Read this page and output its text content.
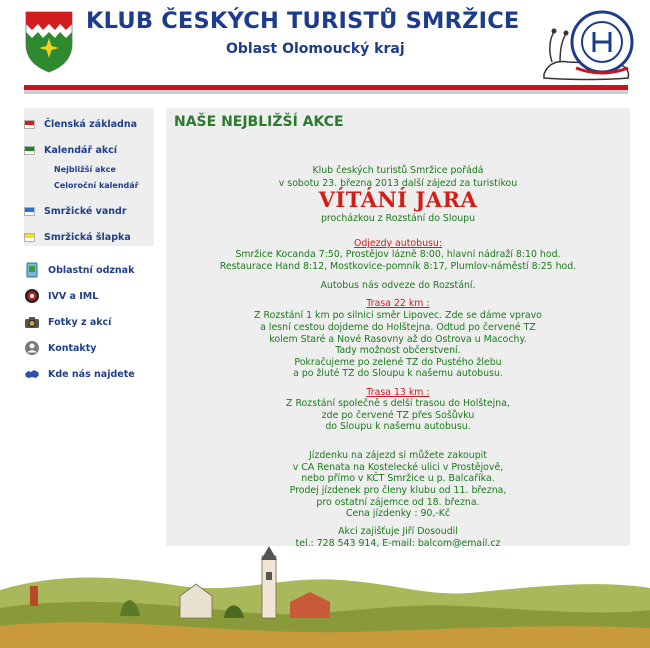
KLUB ČESKÝCH TURISTŮ SMRŽICE
Oblast Olomoucký kraj
Členská základna
Kalendář akcí
Nejbližší akce
Celoroční kalendář
Smržické vandr
Smržická šlapka
Oblastní odznak
IVV a IML
Fotky z akcí
Kontakty
Kde nás najdete
NAŠE NEJBLIŽŠÍ AKCE
Klub českých turistů Smržice pořádá
v sobotu 23. března 2013 další zájezd za turistikou
VÍTÁNÍ JARA
procházkou z Rozstání do Sloupu
Odjezdy autobusu:
Smržice Kocanda 7:50, Prostějov lázně 8:00, hlavní nádraží 8:10 hod.
Restaurace Hand 8:12, Mostkovice-pomník 8:17, Plumlov-náměstí 8:25 hod.
Autobus nás odveze do Rozstání.
Trasa 22 km :
Z Rozstání 1 km po silnici směr Lipovec. Zde se dáme vpravo
a lesní cestou dojdeme do Holštejna. Odtud po červené TZ
kolem Staré a Nové Rasovny až do Ostrova u Macochy.
Tady možnost občerstvení.
Pokračujeme po zelené TZ do Pustého žlebu
a po žluté TZ do Sloupu k našemu autobusu.
Trasa 13 km :
Z Rozstání společně s delší trasou do Holštejna,
zde po červené TZ přes Sošůvku
do Sloupu k našemu autobusu.
Jízdenku na zájezd si můžete zakoupit
v CA Renata na Kostelecké ulici v Prostějově,
nebo přímo v KČT Smržice u p. Balcaříka.
Prodej jízdenek pro členy klubu od 11. března,
pro ostatní zájemce od 18. března.
Cena jízdenky : 90,-Kč
Akci zajišťuje Jiří Dosoudil
tel.: 728 543 914, E-mail: balcom@email.cz
